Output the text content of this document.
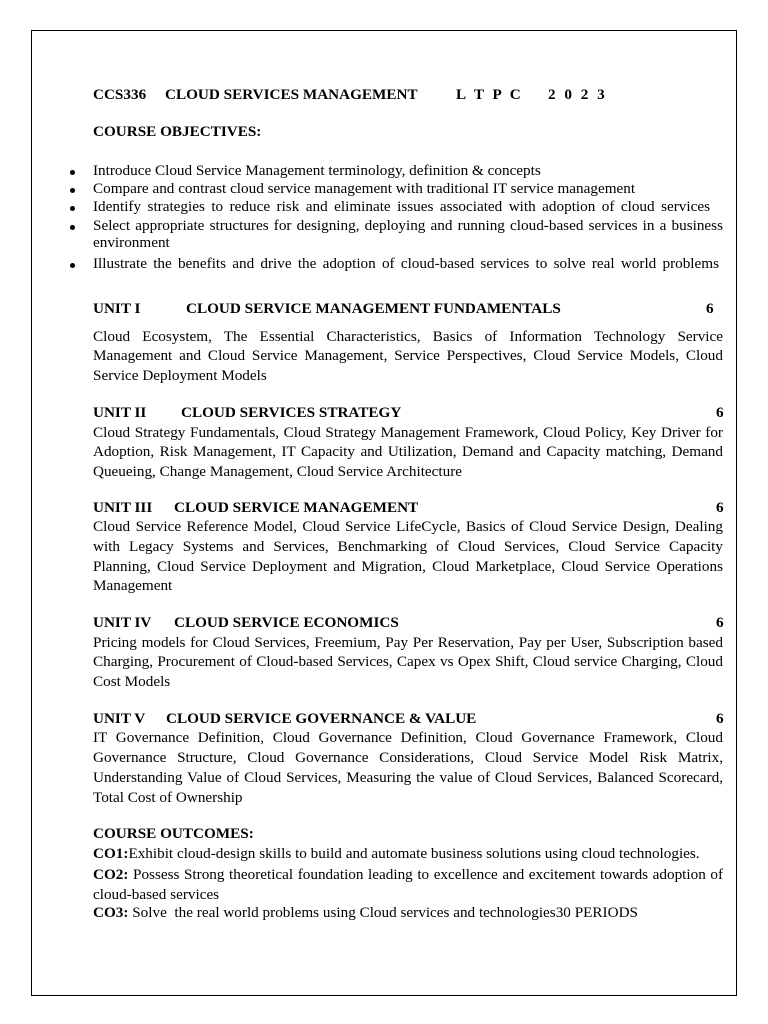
CCS336 CLOUD SERVICES MANAGEMENT	L T P C 2 0 2 3
COURSE OBJECTIVES:
Introduce Cloud Service Management terminology, definition & concepts
Compare and contrast cloud service management with traditional IT service management
Identify strategies to reduce risk and eliminate issues associated with adoption of cloud services
Select appropriate structures for designing, deploying and running cloud-based services in a business
environment
Illustrate the benefits and drive the adoption of cloud-based services to solve real world problems
UNIT I	CLOUD SERVICE MANAGEMENT FUNDAMENTALS	6
Cloud Ecosystem, The Essential Characteristics, Basics of Information Technology Service
Management and Cloud Service Management, Service Perspectives, Cloud Service Models, Cloud
Service Deployment Models
UNIT II CLOUD SERVICES STRATEGY	6
Cloud Strategy Fundamentals, Cloud Strategy Management Framework, Cloud Policy, Key Driver for
Adoption, Risk Management, IT Capacity and Utilization, Demand and Capacity matching, Demand
Queueing, Change Management, Cloud Service Architecture
UNIT III CLOUD SERVICE MANAGEMENT	6
Cloud Service Reference Model, Cloud Service LifeCycle, Basics of Cloud Service Design, Dealing
with Legacy Systems and Services, Benchmarking of Cloud Services, Cloud Service Capacity
Planning, Cloud Service Deployment and Migration, Cloud Marketplace, Cloud Service Operations
Management
UNIT IV CLOUD SERVICE ECONOMICS	6
Pricing models for Cloud Services, Freemium, Pay Per Reservation, Pay per User, Subscription based
Charging, Procurement of Cloud-based Services, Capex vs Opex Shift, Cloud service Charging, Cloud
Cost Models
UNIT V CLOUD SERVICE GOVERNANCE & VALUE	6
IT Governance Definition, Cloud Governance Definition, Cloud Governance Framework, Cloud
Governance Structure, Cloud Governance Considerations, Cloud Service Model Risk Matrix,
Understanding Value of Cloud Services, Measuring the value of Cloud Services, Balanced Scorecard,
Total Cost of Ownership
COURSE OUTCOMES:
CO1:Exhibit cloud-design skills to build and automate business solutions using cloud technologies.
CO2: Possess Strong theoretical foundation leading to excellence and excitement towards adoption of
cloud-based services
CO3: Solve  the real world problems using Cloud services and technologies30 PERIODS
